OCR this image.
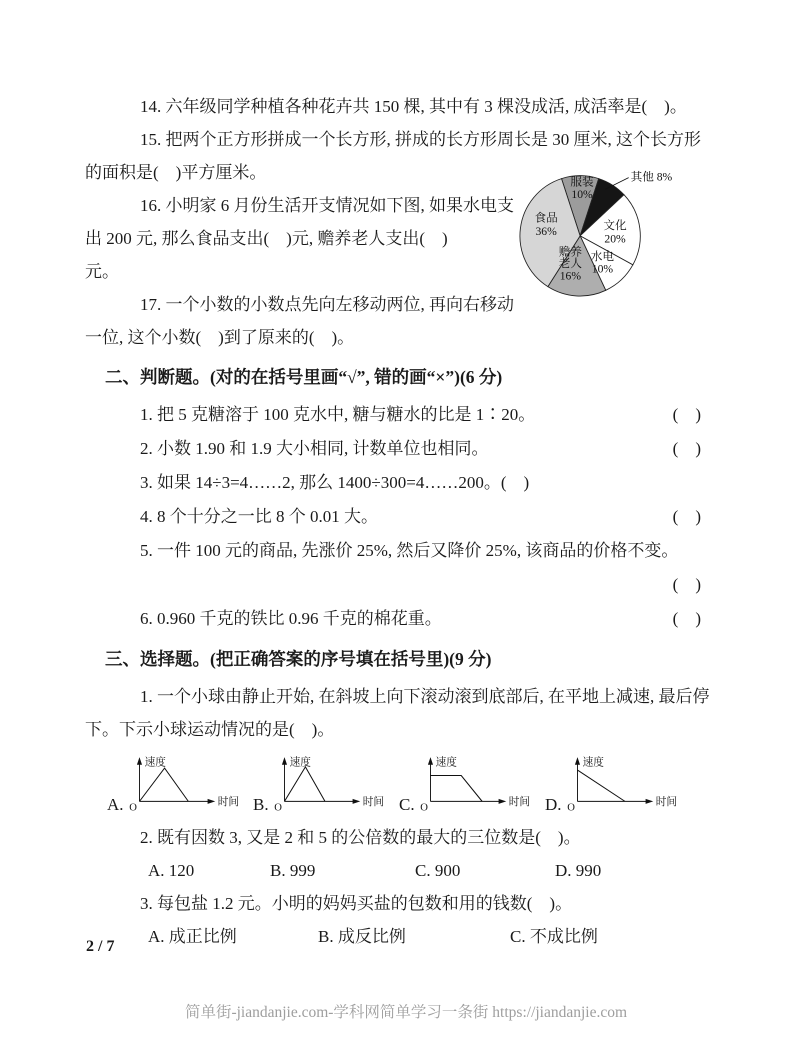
14. 六年级同学种植各种花卉共 150 棵, 其中有 3 棵没成活, 成活率是(    )。

15. 把两个正方形拼成一个长方形, 拼成的长方形周长是 30 厘米, 这个长方形

的面积是(    )平方厘米。

16. 小明家 6 月份生活开支情况如下图, 如果水电支

出 200 元, 那么食品支出(    )元, 赡养老人支出(    )

元。

17. 一个小数的小数点先向左移动两位, 再向右移动

一位, 这个小数(    )到了原来的(    )。

二、判断题。(对的在括号里画“√”, 错的画“×”)(6 分)
1. 把 5 克糖溶于 100 克水中, 糖与糖水的比是 1∶20。	(    )
2. 小数 1.90 和 1.9 大小相同, 计数单位也相同。	(    )
3. 如果 14÷3=4……2, 那么 1400÷300=4……200。(    )
4. 8 个十分之一比 8 个 0.01 大。	(    )
5. 一件 100 元的商品, 先涨价 25%, 然后又降价 25%, 该商品的价格不变。
(    )
6. 0.960 千克的铁比 0.96 千克的棉花重。	(    )
三、选择题。(把正确答案的序号填在括号里)(9 分)

1. 一个小球由静止开始, 在斜坡上向下滚动滚到底部后, 在平地上减速, 最后停

下。下示小球运动情况的是(    )。

A.
速度
时间
O	B.
速度
时间
O	C.
速度
时间
O	D.
速度
时间
O

2. 既有因数 3, 又是 2 和 5 的公倍数的最大的三位数是(    )。

A. 120	B. 999	C. 900	D. 990

3. 每包盐 1.2 元。小明的妈妈买盐的包数和用的钱数(    )。

A. 成正比例	B. 成反比例	C. 不成比例
其他 8%
服装
10%
文化
20%
水电
10%
赡养
老人
16%
食品
36%
2 / 7
简单街-jiandanjie.com-学科网简单学习一条街 https://jiandanjie.com
